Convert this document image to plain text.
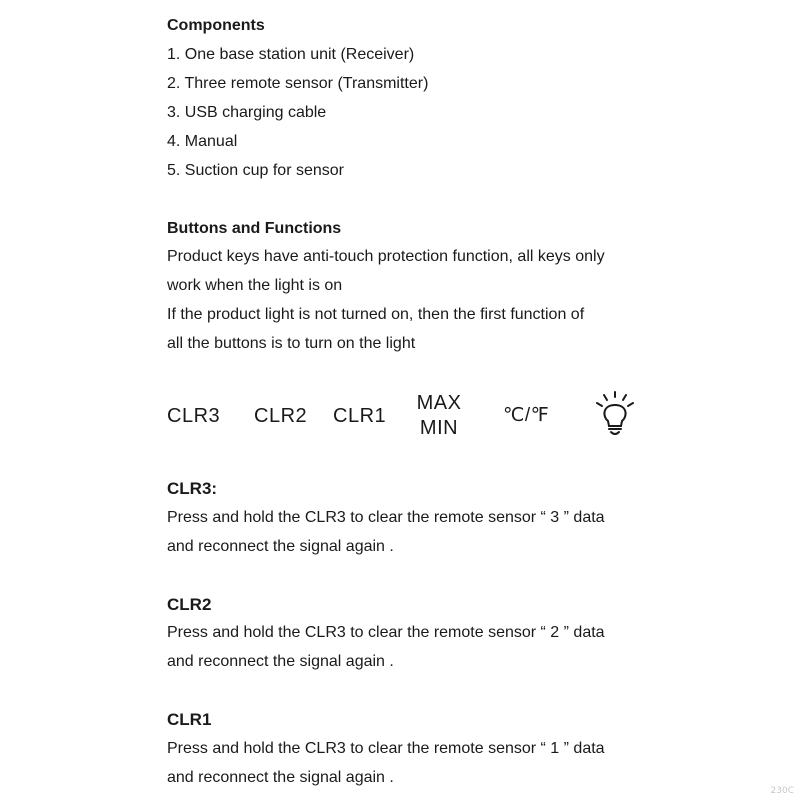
Components
1. One base station unit (Receiver)
2. Three remote sensor (Transmitter)
3. USB charging cable
4. Manual
5. Suction cup for sensor
Buttons and Functions
Product keys have anti-touch protection function, all keys only
work when the light is on
If the product light is not turned on, then the first function of
all the buttons is to turn on the light
CLR3 CLR2 CLR1
MAX
MIN
℃/℉
CLR3:
Press and hold the CLR3 to clear the remote sensor “ 3 ” data
and reconnect the signal again .
CLR2
Press and hold the CLR3 to clear the remote sensor “ 2 ” data
and reconnect the signal again .
CLR1
Press and hold the CLR3 to clear the remote sensor “ 1 ” data
and reconnect the signal again .
230C
